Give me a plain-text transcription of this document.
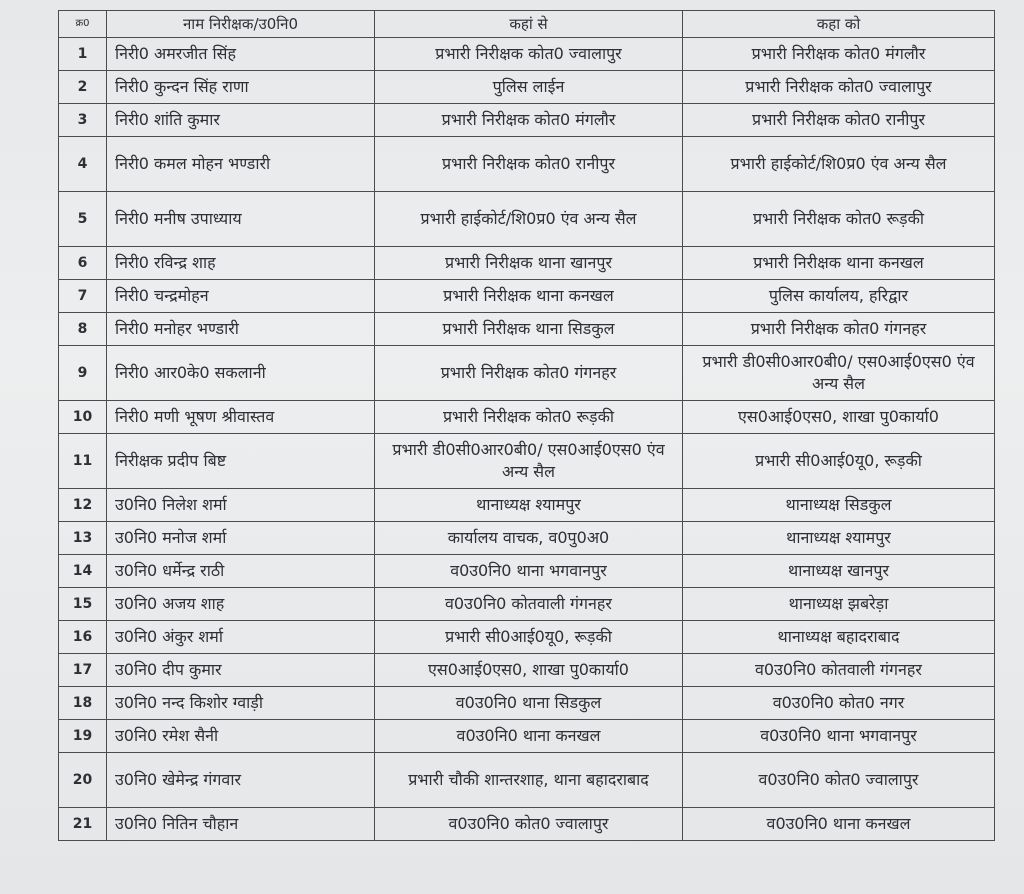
क्र0	नाम निरीक्षक/उ0नि0	कहां से	कहा को
1	निरी0 अमरजीत सिंह	प्रभारी निरीक्षक कोत0 ज्वालापुर	प्रभारी निरीक्षक कोत0 मंगलौर
2	निरी0 कुन्दन सिंह राणा	पुलिस लाईन	प्रभारी निरीक्षक कोत0 ज्वालापुर
3	निरी0 शांति कुमार	प्रभारी निरीक्षक कोत0 मंगलौर	प्रभारी निरीक्षक कोत0 रानीपुर
4	निरी0 कमल मोहन भण्डारी	प्रभारी निरीक्षक कोत0 रानीपुर	प्रभारी हाईकोर्ट/शि0प्र0 एंव अन्य सैल
5	निरी0 मनीष उपाध्याय	प्रभारी हाईकोर्ट/शि0प्र0 एंव अन्य सैल	प्रभारी निरीक्षक कोत0 रूड़की
6	निरी0 रविन्द्र शाह	प्रभारी निरीक्षक थाना खानपुर	प्रभारी निरीक्षक थाना कनखल
7	निरी0 चन्द्रमोहन	प्रभारी निरीक्षक थाना कनखल	पुलिस कार्यालय, हरिद्वार
8	निरी0 मनोहर भण्डारी	प्रभारी निरीक्षक थाना सिडकुल	प्रभारी निरीक्षक कोत0 गंगनहर
9	निरी0 आर0के0 सकलानी	प्रभारी निरीक्षक कोत0 गंगनहर	प्रभारी डी0सी0आर0बी0/ एस0आई0एस0 एंव अन्य सैल
10	निरी0 मणी भूषण श्रीवास्तव	प्रभारी निरीक्षक कोत0 रूड़की	एस0आई0एस0, शाखा पु0कार्या0
11	निरीक्षक प्रदीप बिष्ट	प्रभारी डी0सी0आर0बी0/ एस0आई0एस0 एंव अन्य सैल	प्रभारी सी0आई0यू0, रूड़की
12	उ0नि0 निलेश शर्मा	थानाध्यक्ष श्यामपुर	थानाध्यक्ष सिडकुल
13	उ0नि0 मनोज शर्मा	कार्यालय वाचक, व0पु0अ0	थानाध्यक्ष श्यामपुर
14	उ0नि0 धर्मेन्द्र राठी	व0उ0नि0 थाना भगवानपुर	थानाध्यक्ष खानपुर
15	उ0नि0 अजय शाह	व0उ0नि0 कोतवाली गंगनहर	थानाध्यक्ष झबरेड़ा
16	उ0नि0 अंकुर शर्मा	प्रभारी सी0आई0यू0, रूड़की	थानाध्यक्ष बहादराबाद
17	उ0नि0 दीप कुमार	एस0आई0एस0, शाखा पु0कार्या0	व0उ0नि0 कोतवाली गंगनहर
18	उ0नि0 नन्द किशोर ग्वाड़ी	व0उ0नि0 थाना सिडकुल	व0उ0नि0 कोत0 नगर
19	उ0नि0 रमेश सैनी	व0उ0नि0 थाना कनखल	व0उ0नि0 थाना भगवानपुर
20	उ0नि0 खेमेन्द्र गंगवार	प्रभारी चौकी शान्तरशाह, थाना बहादराबाद	व0उ0नि0 कोत0 ज्वालापुर
21	उ0नि0 नितिन चौहान	व0उ0नि0 कोत0 ज्वालापुर	व0उ0नि0 थाना कनखल
